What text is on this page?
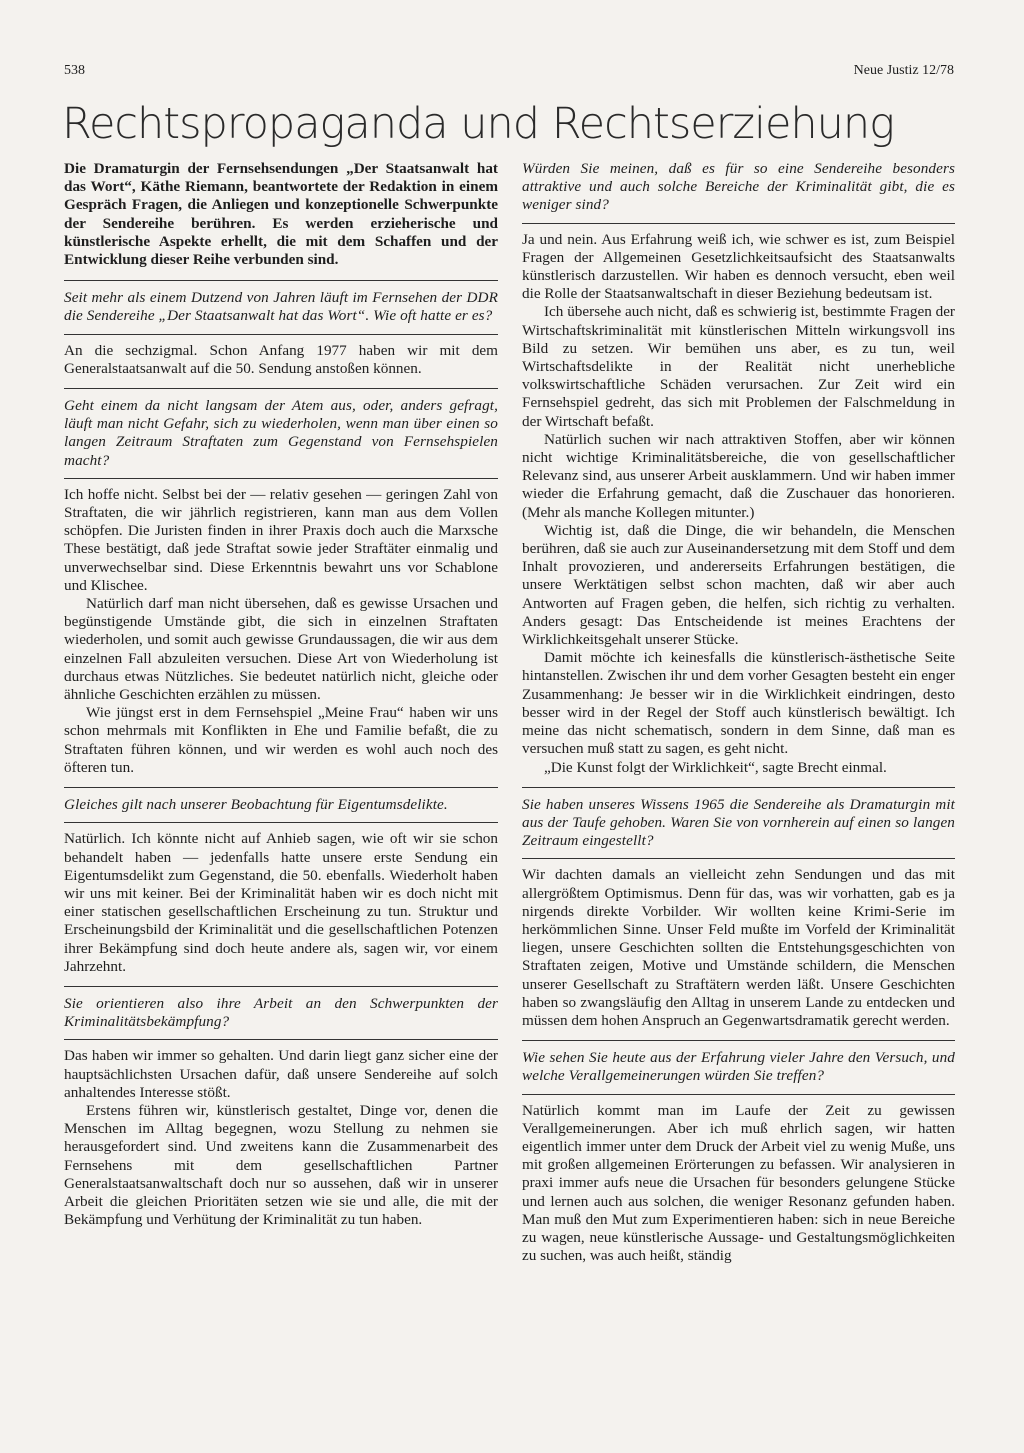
538	Neue Justiz 12/78
Rechtspropaganda und Rechtserziehung

Die Dramaturgin der Fernsehsendungen „Der Staatsanwalt hat das Wort“, Käthe Riemann, beantwortete der Redaktion in einem Gespräch Fragen, die Anliegen und konzeptionelle Schwerpunkte der Sendereihe berühren. Es werden erzieherische und künstlerische Aspekte erhellt, die mit dem Schaffen und der Entwicklung dieser Reihe verbunden sind.

Seit mehr als einem Dutzend von Jahren läuft im Fernsehen der DDR die Sendereihe „Der Staatsanwalt hat das Wort“. Wie oft hatte er es?

An die sechzigmal. Schon Anfang 1977 haben wir mit dem Generalstaatsanwalt auf die 50. Sendung anstoßen können.

Geht einem da nicht langsam der Atem aus, oder, anders gefragt, läuft man nicht Gefahr, sich zu wiederholen, wenn man über einen so langen Zeitraum Straftaten zum Gegenstand von Fernsehspielen macht?

Ich hoffe nicht. Selbst bei der — relativ gesehen — geringen Zahl von Straftaten, die wir jährlich registrieren, kann man aus dem Vollen schöpfen. Die Juristen finden in ihrer Praxis doch auch die Marxsche These bestätigt, daß jede Straftat sowie jeder Straftäter einmalig und unverwechselbar sind. Diese Erkenntnis bewahrt uns vor Schablone und Klischee.

Natürlich darf man nicht übersehen, daß es gewisse Ursachen und begünstigende Umstände gibt, die sich in einzelnen Straftaten wiederholen, und somit auch gewisse Grundaussagen, die wir aus dem einzelnen Fall abzuleiten versuchen. Diese Art von Wiederholung ist durchaus etwas Nützliches. Sie bedeutet natürlich nicht, gleiche oder ähnliche Geschichten erzählen zu müssen.

Wie jüngst erst in dem Fernsehspiel „Meine Frau“ haben wir uns schon mehrmals mit Konflikten in Ehe und Familie befaßt, die zu Straftaten führen können, und wir werden es wohl auch noch des öfteren tun.

Gleiches gilt nach unserer Beobachtung für Eigentumsdelikte.

Natürlich. Ich könnte nicht auf Anhieb sagen, wie oft wir sie schon behandelt haben — jedenfalls hatte unsere erste Sendung ein Eigentumsdelikt zum Gegenstand, die 50. ebenfalls. Wiederholt haben wir uns mit keiner. Bei der Kriminalität haben wir es doch nicht mit einer statischen gesellschaftlichen Erscheinung zu tun. Struktur und Erscheinungsbild der Kriminalität und die gesellschaftlichen Potenzen ihrer Bekämpfung sind doch heute andere als, sagen wir, vor einem Jahrzehnt.

Sie orientieren also ihre Arbeit an den Schwerpunkten der Kriminalitätsbekämpfung?

Das haben wir immer so gehalten. Und darin liegt ganz sicher eine der hauptsächlichsten Ursachen dafür, daß unsere Sendereihe auf solch anhaltendes Interesse stößt.

Erstens führen wir, künstlerisch gestaltet, Dinge vor, denen die Menschen im Alltag begegnen, wozu Stellung zu nehmen sie herausgefordert sind. Und zweitens kann die Zusammenarbeit des Fernsehens mit dem gesellschaftlichen Partner Generalstaatsanwaltschaft doch nur so aussehen, daß wir in unserer Arbeit die gleichen Prioritäten setzen wie sie und alle, die mit der Bekämpfung und Verhütung der Kriminalität zu tun haben.

Würden Sie meinen, daß es für so eine Sendereihe besonders attraktive und auch solche Bereiche der Kriminalität gibt, die es weniger sind?

Ja und nein. Aus Erfahrung weiß ich, wie schwer es ist, zum Beispiel Fragen der Allgemeinen Gesetzlichkeitsaufsicht des Staatsanwalts künstlerisch darzustellen. Wir haben es dennoch versucht, eben weil die Rolle der Staatsanwaltschaft in dieser Beziehung bedeutsam ist.

Ich übersehe auch nicht, daß es schwierig ist, bestimmte Fragen der Wirtschaftskriminalität mit künstlerischen Mitteln wirkungsvoll ins Bild zu setzen. Wir bemühen uns aber, es zu tun, weil Wirtschaftsdelikte in der Realität nicht unerhebliche volkswirtschaftliche Schäden verursachen. Zur Zeit wird ein Fernsehspiel gedreht, das sich mit Problemen der Falschmeldung in der Wirtschaft befaßt.

Natürlich suchen wir nach attraktiven Stoffen, aber wir können nicht wichtige Kriminalitätsbereiche, die von gesellschaftlicher Relevanz sind, aus unserer Arbeit ausklammern. Und wir haben immer wieder die Erfahrung gemacht, daß die Zuschauer das honorieren. (Mehr als manche Kollegen mitunter.)

Wichtig ist, daß die Dinge, die wir behandeln, die Menschen berühren, daß sie auch zur Auseinandersetzung mit dem Stoff und dem Inhalt provozieren, und andererseits Erfahrungen bestätigen, die unsere Werktätigen selbst schon machten, daß wir aber auch Antworten auf Fragen geben, die helfen, sich richtig zu verhalten. Anders gesagt: Das Entscheidende ist meines Erachtens der Wirklichkeitsgehalt unserer Stücke.

Damit möchte ich keinesfalls die künstlerisch-ästhetische Seite hintanstellen. Zwischen ihr und dem vorher Gesagten besteht ein enger Zusammenhang: Je besser wir in die Wirklichkeit eindringen, desto besser wird in der Regel der Stoff auch künstlerisch bewältigt. Ich meine das nicht schematisch, sondern in dem Sinne, daß man es versuchen muß statt zu sagen, es geht nicht.

„Die Kunst folgt der Wirklichkeit“, sagte Brecht einmal.

Sie haben unseres Wissens 1965 die Sendereihe als Dramaturgin mit aus der Taufe gehoben. Waren Sie von vornherein auf einen so langen Zeitraum eingestellt?

Wir dachten damals an vielleicht zehn Sendungen und das mit allergrößtem Optimismus. Denn für das, was wir vorhatten, gab es ja nirgends direkte Vorbilder. Wir wollten keine Krimi-Serie im herkömmlichen Sinne. Unser Feld mußte im Vorfeld der Kriminalität liegen, unsere Geschichten sollten die Entstehungsgeschichten von Straftaten zeigen, Motive und Umstände schildern, die Menschen unserer Gesellschaft zu Straftätern werden läßt. Unsere Geschichten haben so zwangsläufig den Alltag in unserem Lande zu entdecken und müssen dem hohen Anspruch an Gegenwartsdramatik gerecht werden.

Wie sehen Sie heute aus der Erfahrung vieler Jahre den Versuch, und welche Verallgemeinerungen würden Sie treffen?

Natürlich kommt man im Laufe der Zeit zu gewissen Verallgemeinerungen. Aber ich muß ehrlich sagen, wir hatten eigentlich immer unter dem Druck der Arbeit viel zu wenig Muße, uns mit großen allgemeinen Erörterungen zu befassen. Wir analysieren in praxi immer aufs neue die Ursachen für besonders gelungene Stücke und lernen auch aus solchen, die weniger Resonanz gefunden haben. Man muß den Mut zum Experimentieren haben: sich in neue Bereiche zu wagen, neue künstlerische Aussage- und Gestaltungsmöglichkeiten zu suchen, was auch heißt, ständig
